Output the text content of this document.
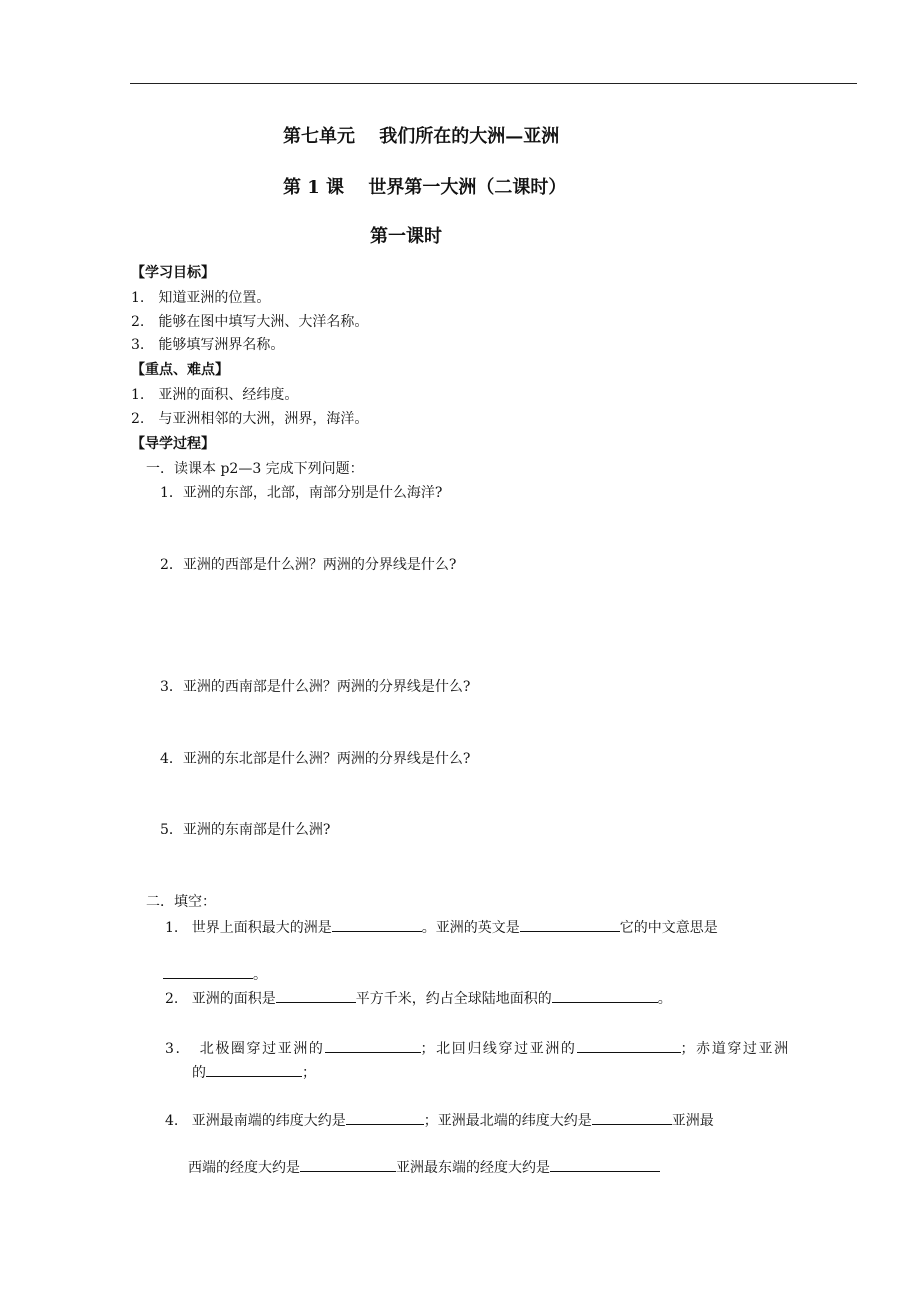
第七单元　 我们所在的大洲—亚洲
第 1 课　 世界第一大洲（二课时）
第一课时
【学习目标】
1.　知道亚洲的位置。
2.　能够在图中填写大洲、大洋名称。
3.　能够填写洲界名称。
【重点、难点】
1.　亚洲的面积、经纬度。
2.　与亚洲相邻的大洲，洲界，海洋。
【导学过程】
一．读课本 p2—3 完成下列问题：
1．亚洲的东部，北部，南部分别是什么海洋?
2．亚洲的西部是什么洲？两洲的分界线是什么?
3．亚洲的西南部是什么洲？两洲的分界线是什么?
4．亚洲的东北部是什么洲？两洲的分界线是什么?
5．亚洲的东南部是什么洲?
二．填空：
1. 世界上面积最大的洲是	。亚洲的英文是	它的中文意思是
。
2. 亚洲的面积是	平方千米，约占全球陆地面积的	。
3. 北极圈穿过亚洲的	；北回归线穿过亚洲的	；赤道穿过亚洲
的	；
4. 亚洲最南端的纬度大约是	；亚洲最北端的纬度大约是	亚洲最
西端的经度大约是	亚洲最东端的经度大约是
